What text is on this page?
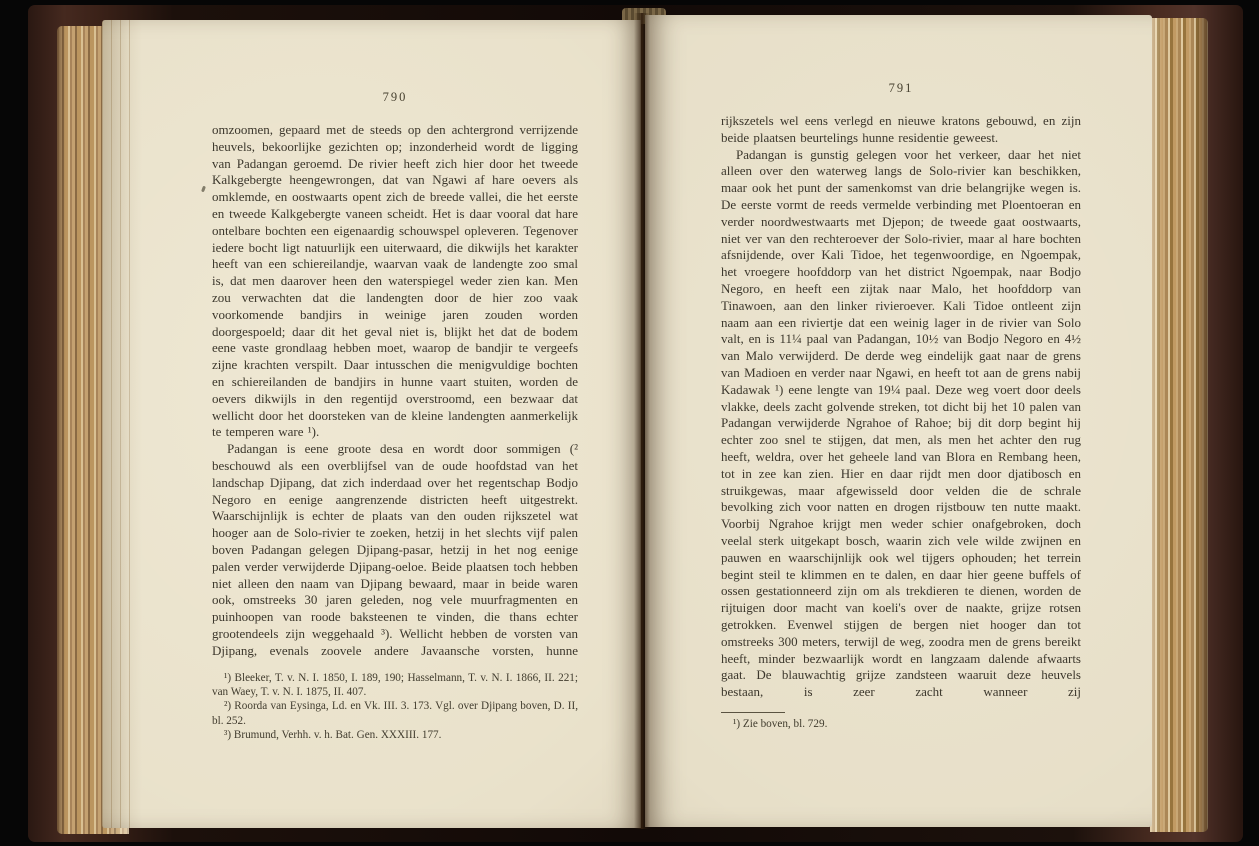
790

omzoomen, gepaard met de steeds op den achtergrond verrijzende heuvels, bekoorlijke gezichten op; inzonderheid wordt de ligging van Padangan geroemd. De rivier heeft zich hier door het tweede Kalkgebergte heengewrongen, dat van Ngawi af hare oevers als omklemde, en oostwaarts opent zich de breede vallei, die het eerste en tweede Kalkgebergte vaneen scheidt. Het is daar vooral dat hare ontelbare bochten een eigenaardig schouwspel opleveren. Tegenover iedere bocht ligt natuurlijk een uiterwaard, die dikwijls het karakter heeft van een schiereilandje, waarvan vaak de landengte zoo smal is, dat men daarover heen den waterspiegel weder zien kan. Men zou verwachten dat die landengten door de hier zoo vaak voorkomende bandjirs in weinige jaren zouden worden doorgespoeld; daar dit het geval niet is, blijkt het dat de bodem eene vaste grondlaag hebben moet, waarop de bandjir te vergeefs zijne krachten verspilt. Daar intusschen die menigvuldige bochten en schiereilanden de bandjirs in hunne vaart stuiten, worden de oevers dikwijls in den regentijd overstroomd, een bezwaar dat wellicht door het doorsteken van de kleine landengten aanmerkelijk te temperen ware ¹).

Padangan is eene groote desa en wordt door sommigen (² beschouwd als een overblijfsel van de oude hoofdstad van het landschap Djipang, dat zich inderdaad over het regentschap Bodjo Negoro en eenige aangrenzende districten heeft uitgestrekt. Waarschijnlijk is echter de plaats van den ouden rijkszetel wat hooger aan de Solo-rivier te zoeken, hetzij in het slechts vijf palen boven Padangan gelegen Djipang-pasar, hetzij in het nog eenige palen verder verwijderde Djipang-oeloe. Beide plaatsen toch hebben niet alleen den naam van Djipang bewaard, maar in beide waren ook, omstreeks 30 jaren geleden, nog vele muurfragmenten en puinhoopen van roode baksteenen te vinden, die thans echter grootendeels zijn weggehaald ³). Wellicht hebben de vorsten van Djipang, evenals zoovele andere Javaansche vorsten, hunne

¹) Bleeker, T. v. N. I. 1850, I. 189, 190; Hasselmann, T. v. N. I. 1866, II. 221; van Waey, T. v. N. I. 1875, II. 407.

²) Roorda van Eysinga, Ld. en Vk. III. 3. 173. Vgl. over Djipang boven, D. II, bl. 252.

³) Brumund, Verhh. v. h. Bat. Gen. XXXIII. 177.

791

rijkszetels wel eens verlegd en nieuwe kratons gebouwd, en zijn beide plaatsen beurtelings hunne residentie geweest.

Padangan is gunstig gelegen voor het verkeer, daar het niet alleen over den waterweg langs de Solo-rivier kan beschikken, maar ook het punt der samenkomst van drie belangrijke wegen is. De eerste vormt de reeds vermelde verbinding met Ploentoeran en verder noordwestwaarts met Djepon; de tweede gaat oostwaarts, niet ver van den rechteroever der Solo-rivier, maar al hare bochten afsnijdende, over Kali Tidoe, het tegenwoordige, en Ngoempak, het vroegere hoofddorp van het district Ngoempak, naar Bodjo Negoro, en heeft een zijtak naar Malo, het hoofddorp van Tinawoen, aan den linker rivieroever. Kali Tidoe ontleent zijn naam aan een riviertje dat een weinig lager in de rivier van Solo valt, en is 11¼ paal van Padangan, 10½ van Bodjo Negoro en 4½ van Malo verwijderd. De derde weg eindelijk gaat naar de grens van Madioen en verder naar Ngawi, en heeft tot aan de grens nabij Kadawak ¹) eene lengte van 19¼ paal. Deze weg voert door deels vlakke, deels zacht golvende streken, tot dicht bij het 10 palen van Padangan verwijderde Ngrahoe of Rahoe; bij dit dorp begint hij echter zoo snel te stijgen, dat men, als men het achter den rug heeft, weldra, over het geheele land van Blora en Rembang heen, tot in zee kan zien. Hier en daar rijdt men door djatibosch en struikgewas, maar afgewisseld door velden die de schrale bevolking zich voor natten en drogen rijstbouw ten nutte maakt. Voorbij Ngrahoe krijgt men weder schier onafgebroken, doch veelal sterk uitgekapt bosch, waarin zich vele wilde zwijnen en pauwen en waarschijnlijk ook wel tijgers ophouden; het terrein begint steil te klimmen en te dalen, en daar hier geene buffels of ossen gestationneerd zijn om als trekdieren te dienen, worden de rijtuigen door macht van koeli's over de naakte, grijze rotsen getrokken. Evenwel stijgen de bergen niet hooger dan tot omstreeks 300 meters, terwijl de weg, zoodra men de grens bereikt heeft, minder bezwaarlijk wordt en langzaam dalende afwaarts gaat. De blauwachtig grijze zandsteen waaruit deze heuvels bestaan, is zeer zacht wanneer zij

¹) Zie boven, bl. 729.
